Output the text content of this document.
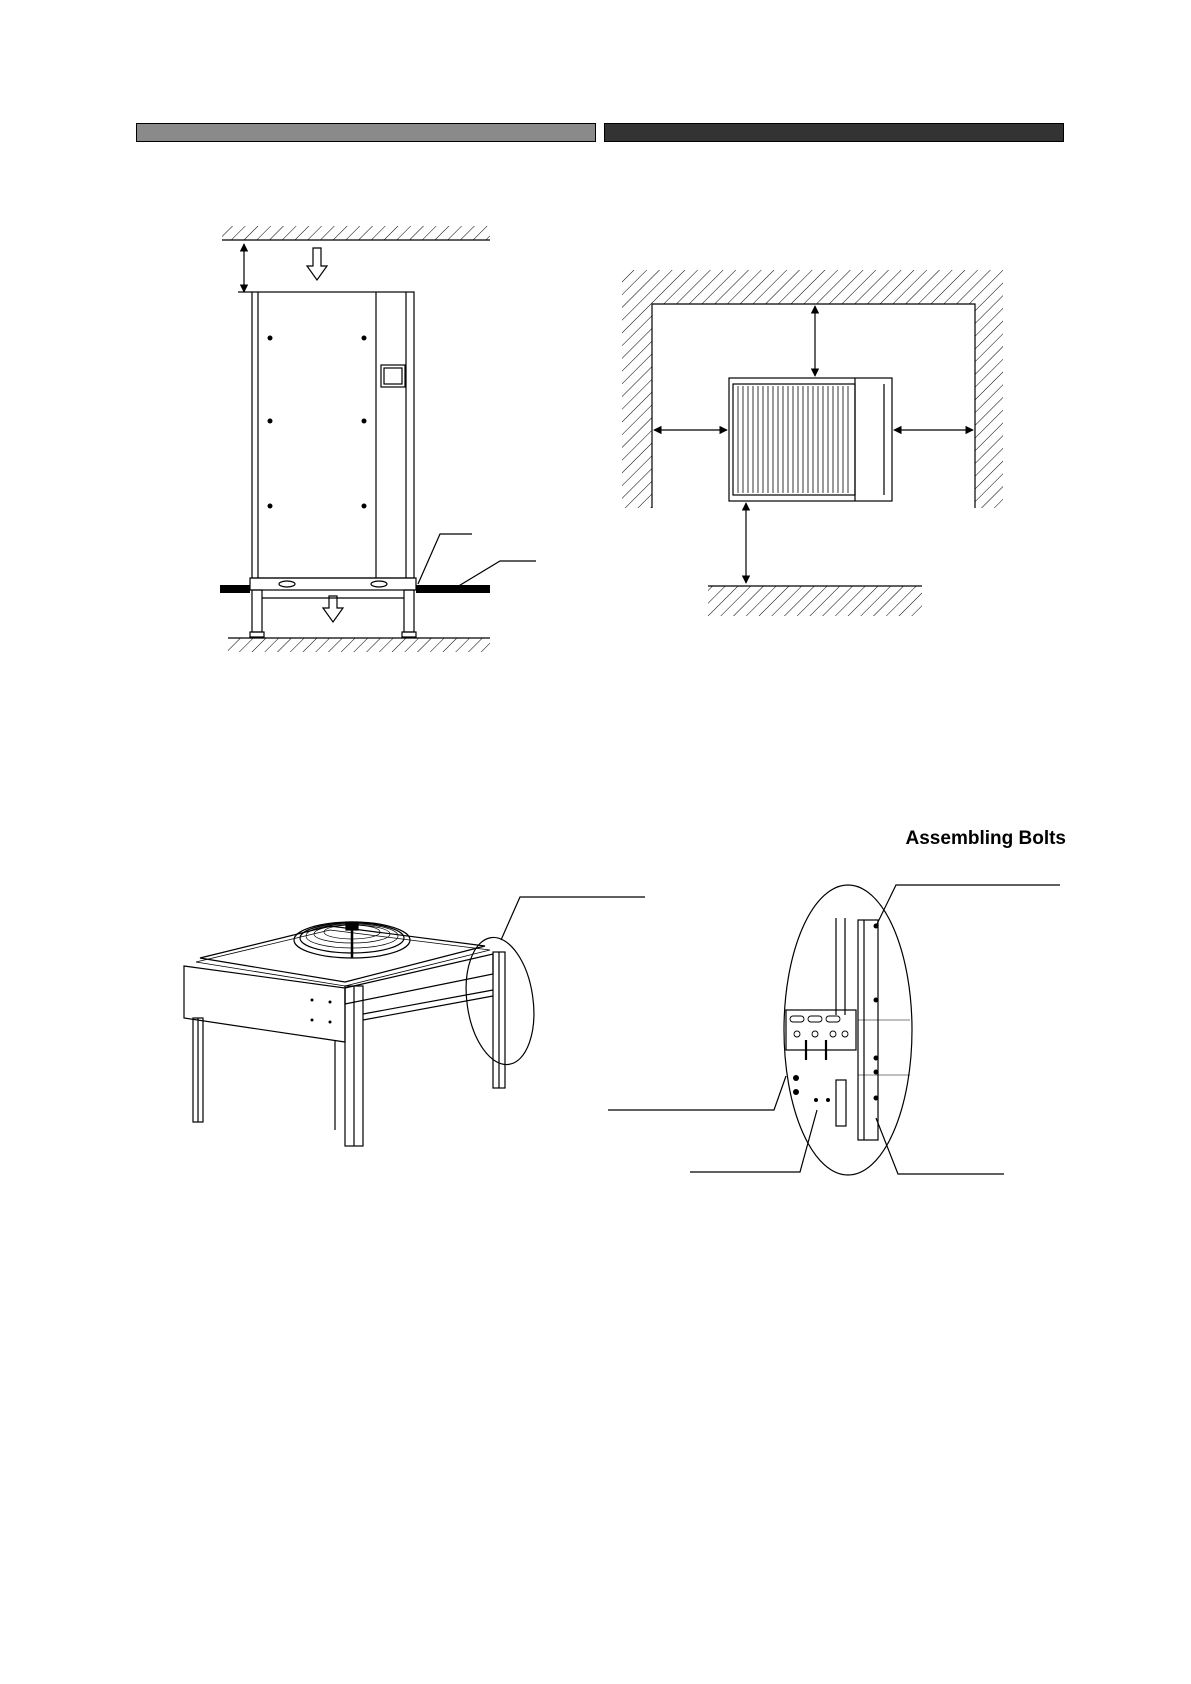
Assembling Bolts
